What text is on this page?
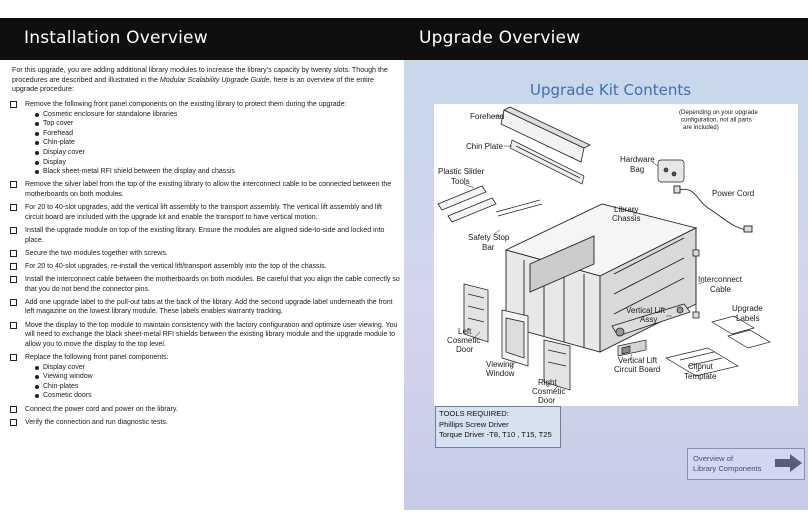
Installation Overview	Upgrade Overview

For this upgrade, you are adding additional library modules to increase the library's capacity by twenty slots. Though the procedures are described and illustrated in the Modular Scalability Upgrade Guide, here is an overview of the entire upgrade procedure:

Remove the following front panel components on the existing library to protect them during the upgrade:
Cosmetic enclosure for standalone libraries
Top cover
Forehead
Chin-plate
Display cover
Display
Black sheet-metal RFI shield between the display and chassis
Remove the silver label from the top of the existing library to allow the interconnect cable to be connected between the motherboards on both modules.
For 20 to 40-slot upgrades, add the vertical lift assembly to the transport assembly. The vertical lift assembly and lift circuit board are included with the upgrade kit and enable the transport to have vertical motion.
Install the upgrade module on top of the existing library. Ensure the modules are aligned side-to-side and locked into place.
Secure the two modules together with screws.
For 20 to 40-slot upgrades, re-install the vertical lift/transport assembly into the top of the chassis.
Install the interconnect cable between the motherboards on both modules. Be careful that you align the cable correctly so that you do not bend the connector pins.
Add one upgrade label to the pull-out tabs at the back of the library. Add the second upgrade label underneath the front left magazine on the lowest library module. These labels enables warranty tracking.
Move the display to the top module to maintain consistency with the factory configuration and optimize user viewing. You will need to exchange the black sheet-metal RFI shields between the existing library module and the upgrade module to allow you to move the display to the top level.
Replace the following front panel components:
Display cover
Viewing window
Chin-plates
Cosmetic doors
Connect the power cord and power on the library.
Verify the connection and run diagnostic tests.
Upgrade Kit Contents
Forehead
Chin Plate
Plastic Slider Tools
Hardware Bag
Power Cord
Library Chassis
Safety Stop Bar
Interconnect Cable
Upgrade Labels
Vertical Lift Assy
Left Cosmetic Door
Viewing Window
Vertical Lift Circuit Board	Clipnut Template
Right Cosmetic Door
(Depending on your upgrade configuration, not all parts are included)
TOOLS REQUIRED:
Phillips Screw Driver
Torque Driver -T8, T10 , T15, T25
Overview of
Library Components
